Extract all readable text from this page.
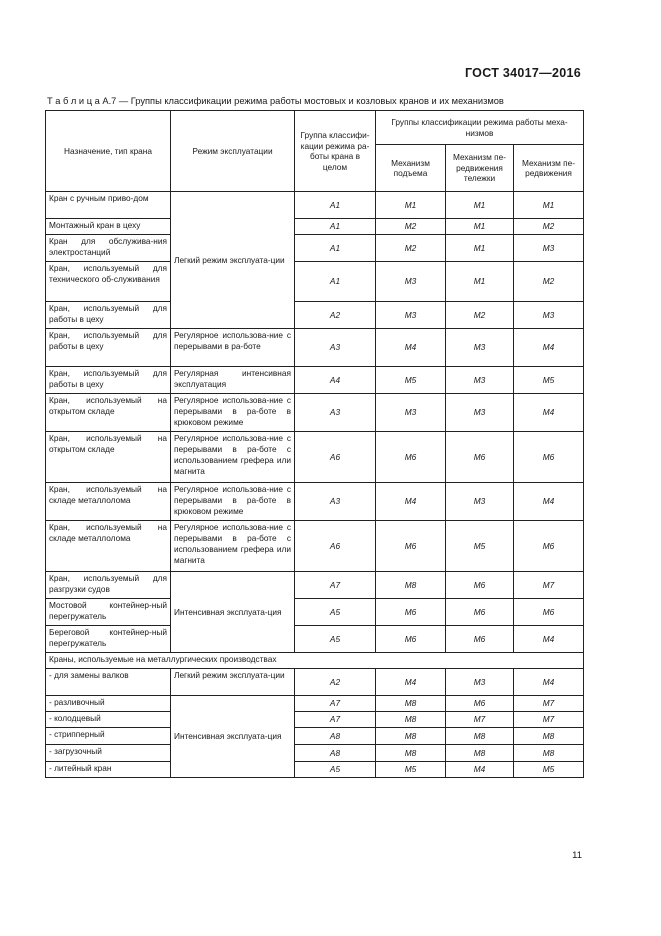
ГОСТ 34017—2016
Т а б л и ц а А.7 — Группы классификации режима работы мостовых и козловых кранов и их механизмов
Назначение, тип крана	Режим эксплуатации	Группа классифи-кации режима ра-боты крана в целом	Группы классификации режима работы меха-низмов		
			Механизм подъема	Механизм пе-редвижения тележки	Механизм пе-редвижения
Кран с ручным приво-дом	Легкий режим эксплуата-ции	A1	M1	M1	M1
Монтажный кран в цеху		A1	M2	M1	M2
Кран для обслужива-ния электростанций		A1	M2	M1	M3
Кран, используемый для технического об-служивания		A1	M3	M1	M2
Кран, используемый для работы в цеху		A2	M3	M2	M3
Кран, используемый для работы в цеху	Регулярное использова-ние с перерывами в ра-боте	A3	M4	M3	M4
Кран, используемый для работы в цеху	Регулярная интенсивная эксплуатация	A4	M5	M3	M5
Кран, используемый на открытом складе	Регулярное использова-ние с перерывами в ра-боте в крюковом режиме	A3	M3	M3	M4
Кран, используемый на открытом складе	Регулярное использова-ние с перерывами в ра-боте с использованием грефера или магнита	A6	M6	M6	M6
Кран, используемый на складе металлолома	Регулярное использова-ние с перерывами в ра-боте в крюковом режиме	A3	M4	M3	M4
Кран, используемый на складе металлолома	Регулярное использова-ние с перерывами в ра-боте с использованием грефера или магнита	A6	M6	M5	M6
Кран, используемый для разгрузки судов	Интенсивная эксплуата-ция	A7	M8	M6	M7
Мостовой контейнер-ный перегружатель		A5	M6	M6	M6
Береговой контейнер-ный перегружатель		A5	M6	M6	M4
Краны, используемые на металлургических производствах					
- для замены валков	Легкий режим эксплуата-ции	A2	M4	M3	M4
- разливочный	Интенсивная эксплуата-ция	A7	M8	M6	M7
- колодцевый		A7	M8	M7	M7
- стрипперный		A8	M8	M8	M8
- загрузочный		A8	M8	M8	M8
- литейный кран		A5	M5	M4	M5
11
